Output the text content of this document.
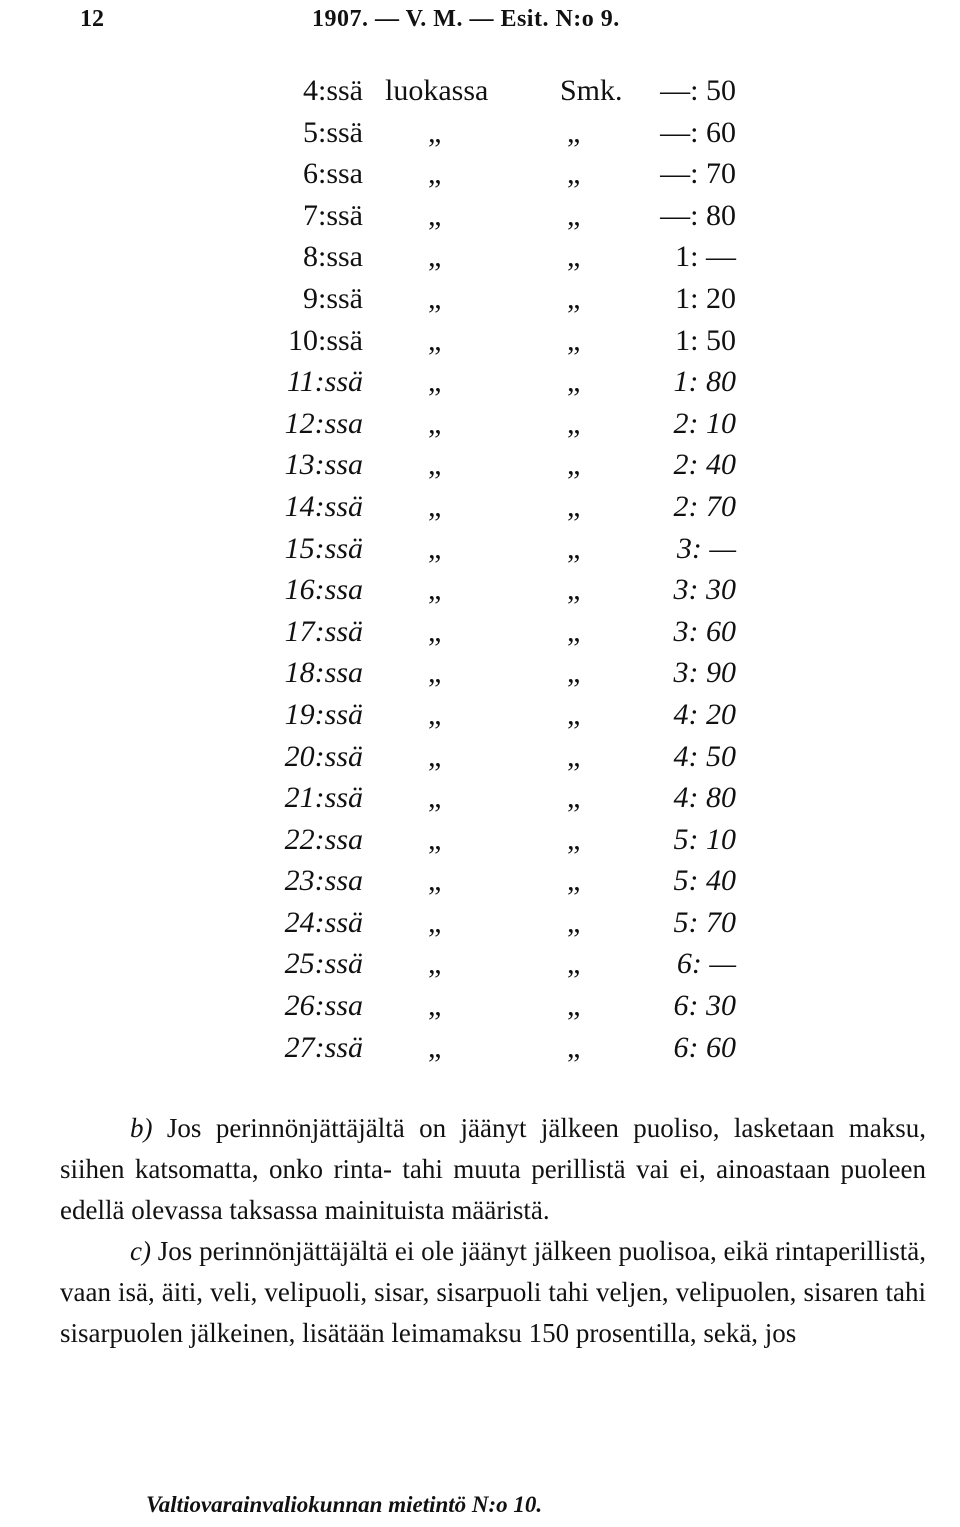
12	1907. — V. M. — Esit. N:o 9.
4:ssä luokassa Smk. —: 50
5:ssä „	„	—: 60
6:ssa „	„	—: 70
7:ssä „	„	—: 80
8:ssa „	„	1: —
9:ssä „	„	1: 20
10:ssä „	„	1: 50
11:ssä „	„	1: 80
12:ssa „	„	2: 10
13:ssa „	„	2: 40
14:ssä „	„	2: 70
15:ssä „	„	3: —
16:ssa „	„	3: 30
17:ssä „	„	3: 60
18:ssa „	„	3: 90
19:ssä „	„	4: 20
20:ssä „	„	4: 50
21:ssä „	„	4: 80
22:ssa „	„	5: 10
23:ssa „	„	5: 40
24:ssä „	„	5: 70
25:ssä „	„	6: —
26:ssa „	„	6: 30
27:ssä „	„	6: 60

b) Jos perinnönjättäjältä on jäänyt jälkeen puoliso, lasketaan maksu, siihen katsomatta, onko rinta- tahi muuta perillistä vai ei, ainoastaan puoleen edellä olevassa taksassa mainituista määristä.

c) Jos perinnönjättäjältä ei ole jäänyt jälkeen puolisoa, eikä rintaperillistä, vaan isä, äiti, veli, velipuoli, sisar, sisarpuoli tahi veljen, velipuolen, sisaren tahi sisarpuolen jälkeinen, lisätään leimamaksu 150 prosentilla, sekä, jos

Valtiovarainvaliokunnan mietintö N:o 10.
